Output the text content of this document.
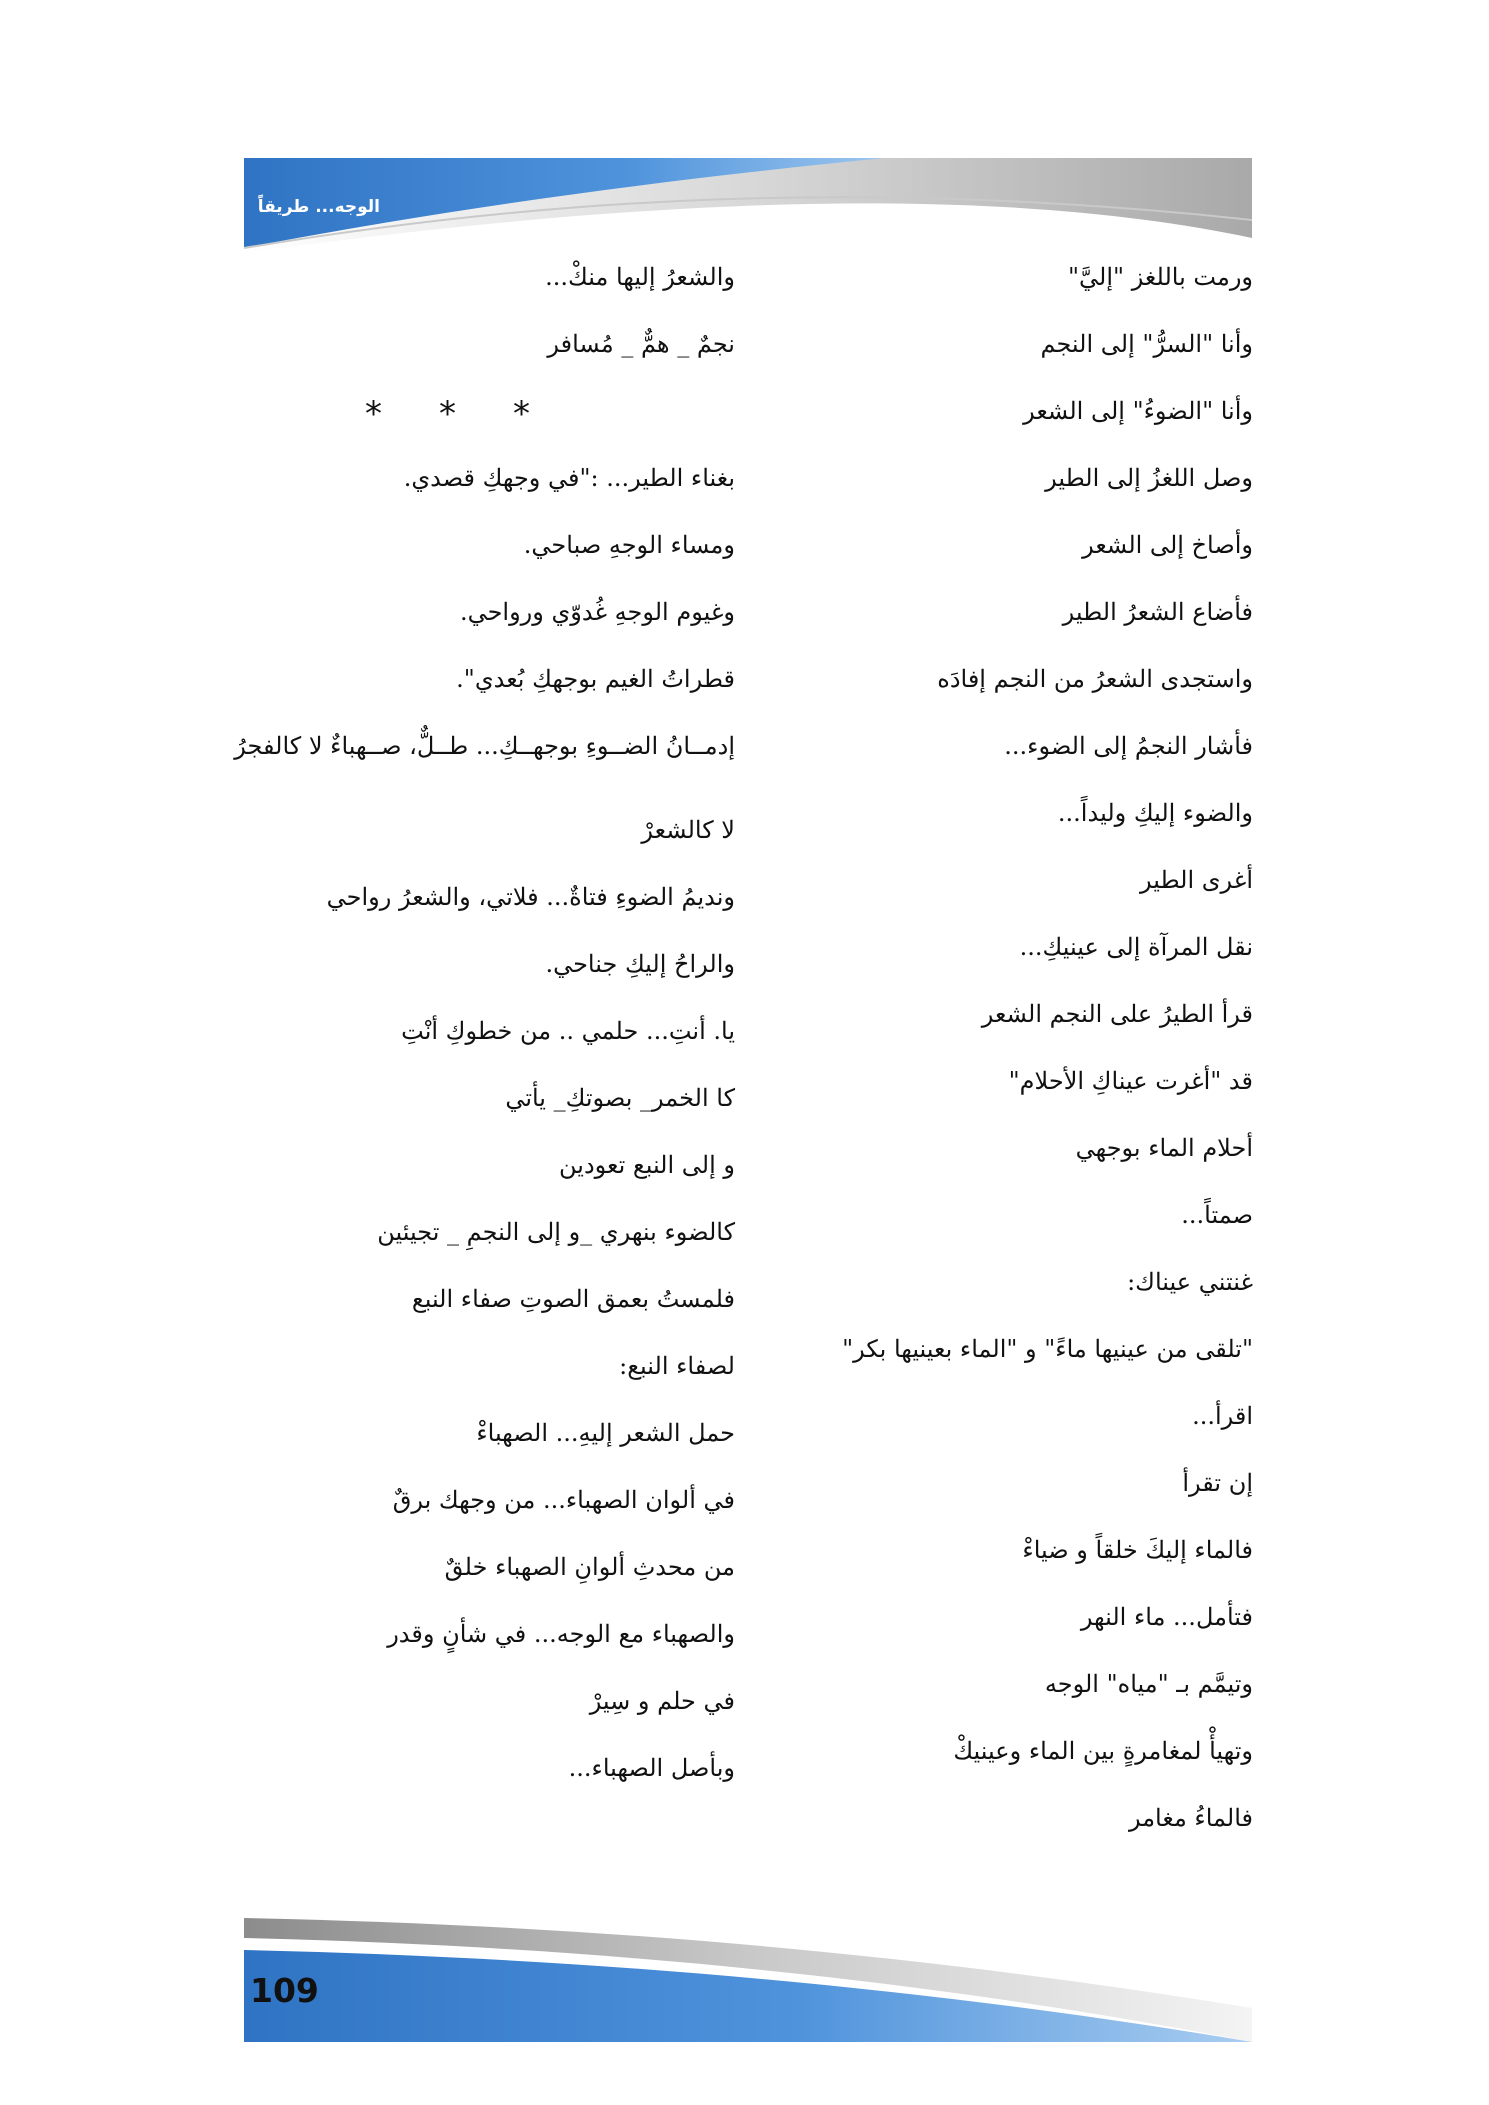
الوجه... طريقاً
ورمت باللغز "إليَّ"
وأنا "السرُّ" إلى النجم
وأنا "الضوءُ" إلى الشعر
وصل اللغزُ إلى الطير
وأصاخ إلى الشعر
فأضاع الشعرُ الطير
واستجدى الشعرُ من النجم إفادَه
فأشار النجمُ إلى الضوء...
والضوء إليكِ وليداً...
أغرى الطير
نقل المرآة إلى عينيكِ...
قرأ الطيرُ على النجم الشعر
قد "أغرت عيناكِ الأحلام"
أحلام الماء بوجهي
صمتاً...
غنتني عيناك:
"تلقى من عينيها ماءً" و "الماء بعينيها بكر"
اقرأ...
إن تقرأ
فالماء إليكَ خلقاً و ضياءْ
فتأمل... ماء النهر
وتيمَّم بـ "مياه" الوجه
وتهيأْ لمغامرةٍ بين الماء وعينيكْ
فالماءُ مغامر
والشعرُ إليها منكْ...
نجمٌ _ همٌّ _ مُسافر
* * *
بغناء الطير... :"في وجهكِ قصدي.
ومساء الوجهِ صباحي.
وغيوم الوجهِ غُدوّي ورواحي.
قطراتُ الغيم بوجهكِ بُعدي".
إدمــانُ الضــوءِ بوجهــكِ... طــلٌّ، صــهباءٌ لا كالفجرُ
لا كالشعرْ
ونديمُ الضوءِ فتاةٌ... فلاتي، والشعرُ رواحي
والراحُ إليكِ جناحي.
يا. أنتِ... حلمي .. من خطوكِ أنْتِ
كا الخمر_ بصوتكِ_ يأتي
و إلى النبع تعودين
كالضوء بنهري _و إلى النجمِ _ تجيئين
فلمستُ بعمق الصوتِ صفاء النبع
لصفاء النبع:
حمل الشعر إليهِ... الصهباءْ
في ألوان الصهباء... من وجهك برقٌ
من محدثِ ألوانِ الصهباء خلقٌ
والصهباء مع الوجه... في شأنٍ وقدر
في حلم و سِيرْ
وبأصل الصهباء...
109
